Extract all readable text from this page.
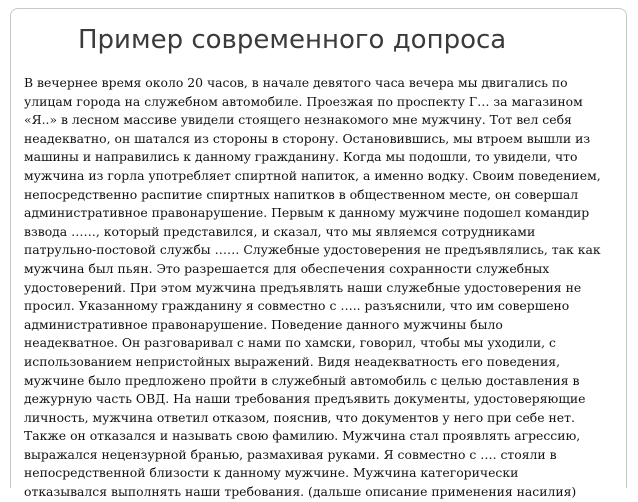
Пример современного допроса
В вечернее время около 20 часов, в начале девятого часа вечера мы двигались по
улицам города на служебном автомобиле. Проезжая по проспекту Г… за магазином
«Я..» в лесном массиве увидели стоящего незнакомого мне мужчину. Тот вел себя
неадекватно, он шатался из стороны в сторону. Остановившись, мы втроем вышли из
машины и направились к данному гражданину. Когда мы подошли, то увидели, что
мужчина из горла употребляет спиртной напиток, а именно водку. Своим поведением,
непосредственно распитие спиртных напитков в общественном месте, он совершал
административное правонарушение. Первым к данному мужчине подошел командир
взвода ……, который представился, и сказал, что мы являемся сотрудниками
патрульно-постовой службы …… Служебные удостоверения не предъявлялись, так как
мужчина был пьян. Это разрешается для обеспечения сохранности служебных
удостоверений. При этом мужчина предъявлять наши служебные удостоверения не
просил. Указанному гражданину я совместно с ….. разъяснили, что им совершено
административное правонарушение. Поведение данного мужчины было
неадекватное. Он разговаривал с нами по хамски, говорил, чтобы мы уходили, с
использованием непристойных выражений. Видя неадекватность его поведения,
мужчине было предложено пройти в служебный автомобиль с целью доставления в
дежурную часть ОВД. На наши требования предъявить документы, удостоверяющие
личность, мужчина ответил отказом, пояснив, что документов у него при себе нет.
Также он отказался и называть свою фамилию. Мужчина стал проявлять агрессию,
выражался нецензурной бранью, размахивая руками. Я совместно с …. стояли в
непосредственной близости к данному мужчине. Мужчина категорически
отказывался выполнять наши требования. (дальше описание применения насилия)
